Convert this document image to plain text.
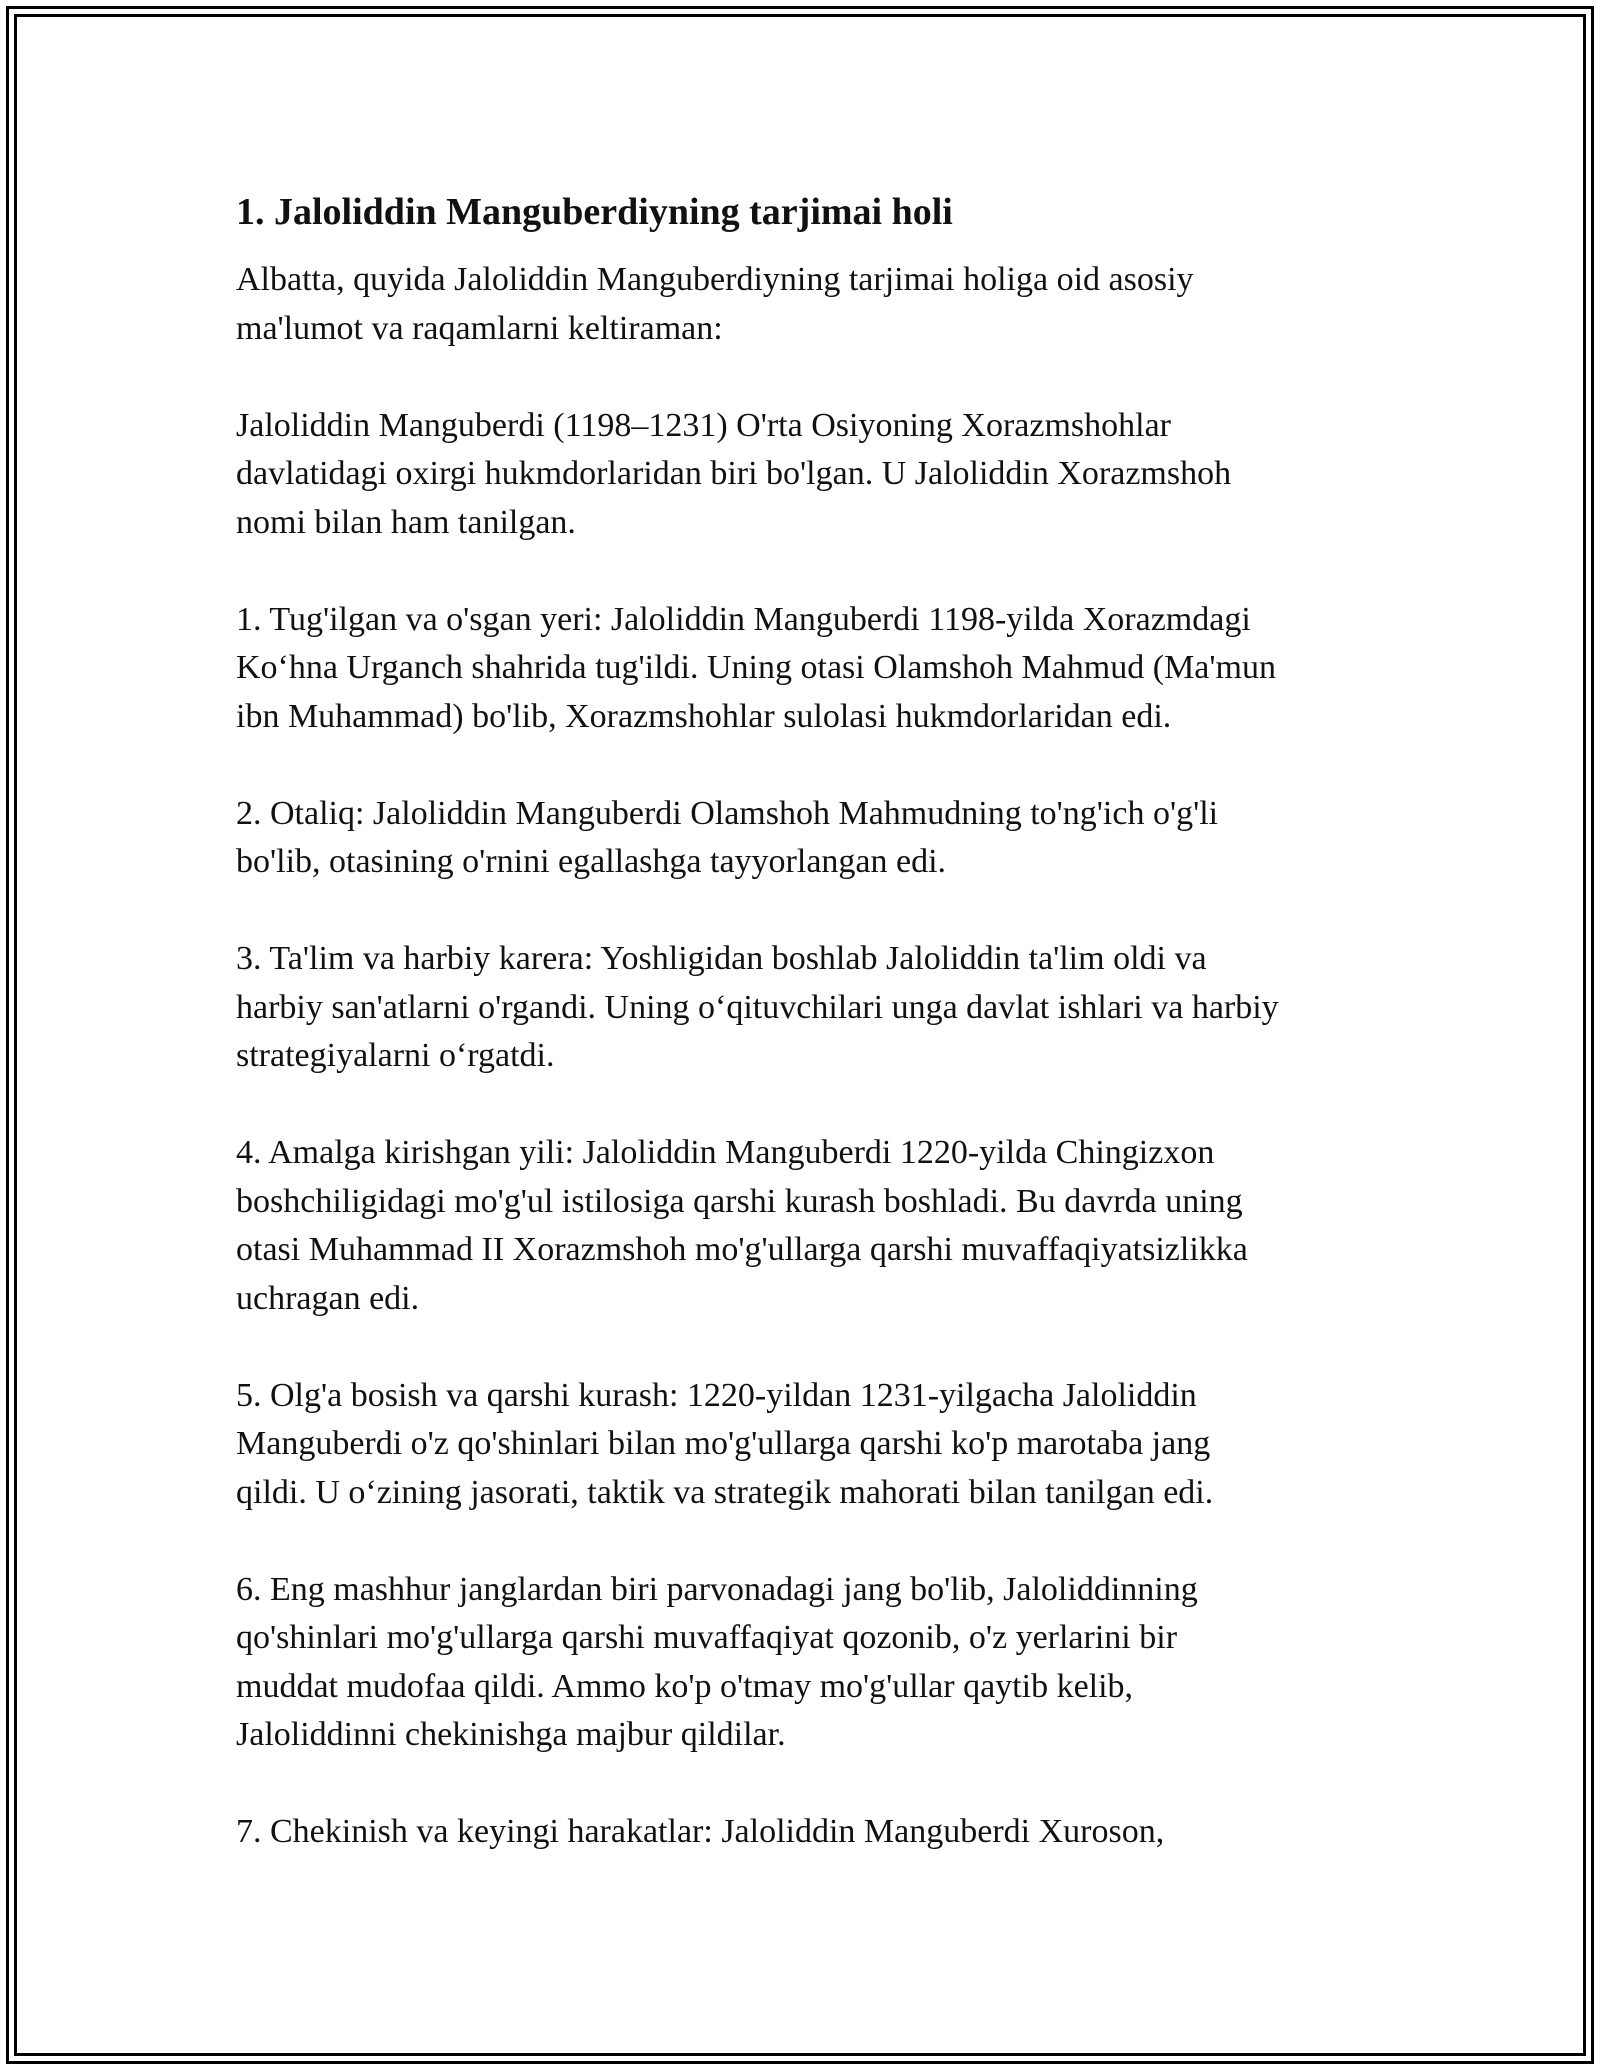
1. Jaloliddin Manguberdiyning tarjimai holi
Albatta, quyida Jaloliddin Manguberdiyning tarjimai holiga oid asosiy
ma'lumot va raqamlarni keltiraman:
Jaloliddin Manguberdi (1198–1231) O'rta Osiyoning Xorazmshohlar
davlatidagi oxirgi hukmdorlaridan biri bo'lgan. U Jaloliddin Xorazmshoh
nomi bilan ham tanilgan.
1. Tug'ilgan va o'sgan yeri: Jaloliddin Manguberdi 1198-yilda Xorazmdagi
Ko‘hna Urganch shahrida tug'ildi. Uning otasi Olamshoh Mahmud (Ma'mun
ibn Muhammad) bo'lib, Xorazmshohlar sulolasi hukmdorlaridan edi.
2. Otaliq: Jaloliddin Manguberdi Olamshoh Mahmudning to'ng'ich o'g'li
bo'lib, otasining o'rnini egallashga tayyorlangan edi.
3. Ta'lim va harbiy karera: Yoshligidan boshlab Jaloliddin ta'lim oldi va
harbiy san'atlarni o'rgandi. Uning o‘qituvchilari unga davlat ishlari va harbiy
strategiyalarni o‘rgatdi.
4. Amalga kirishgan yili: Jaloliddin Manguberdi 1220-yilda Chingizxon
boshchiligidagi mo'g'ul istilosiga qarshi kurash boshladi. Bu davrda uning
otasi Muhammad II Xorazmshoh mo'g'ullarga qarshi muvaffaqiyatsizlikka
uchragan edi.
5. Olg'a bosish va qarshi kurash: 1220-yildan 1231-yilgacha Jaloliddin
Manguberdi o'z qo'shinlari bilan mo'g'ullarga qarshi ko'p marotaba jang
qildi. U o‘zining jasorati, taktik va strategik mahorati bilan tanilgan edi.
6. Eng mashhur janglardan biri parvonadagi jang bo'lib, Jaloliddinning
qo'shinlari mo'g'ullarga qarshi muvaffaqiyat qozonib, o'z yerlarini bir
muddat mudofaa qildi. Ammo ko'p o'tmay mo'g'ullar qaytib kelib,
Jaloliddinni chekinishga majbur qildilar.
7. Chekinish va keyingi harakatlar: Jaloliddin Manguberdi Xuroson,
